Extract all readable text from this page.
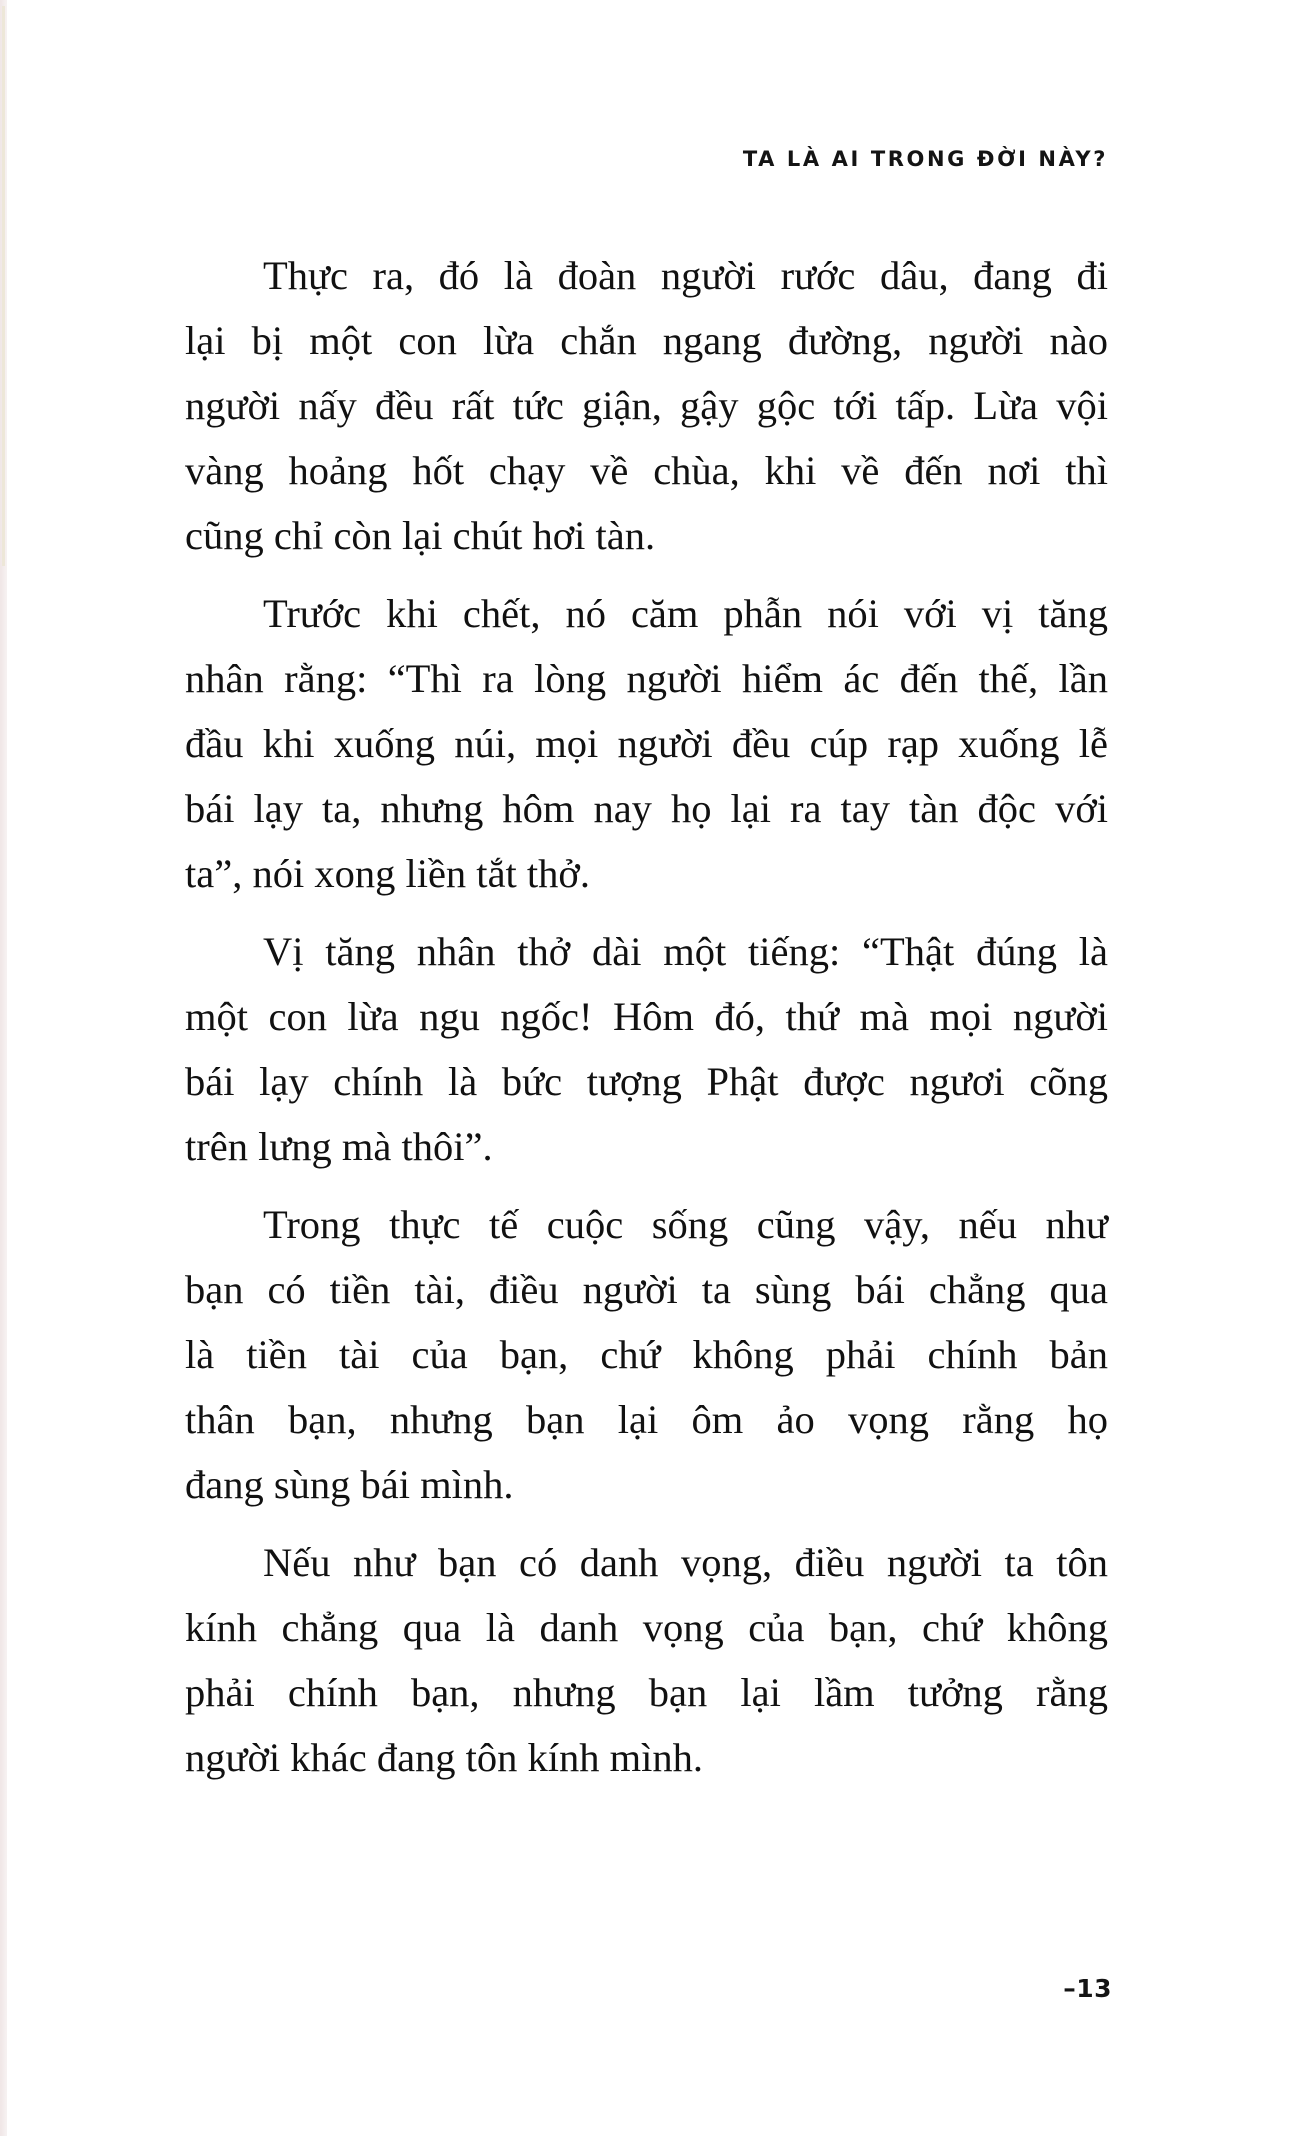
TA LÀ AI TRONG ĐỜI NÀY?

Thực ra, đó là đoàn người rước dâu, đang đi
lại bị một con lừa chắn ngang đường, người nào
người nấy đều rất tức giận, gậy gộc tới tấp. Lừa vội
vàng hoảng hốt chạy về chùa, khi về đến nơi thì
cũng chỉ còn lại chút hơi tàn.

Trước khi chết, nó căm phẫn nói với vị tăng
nhân rằng: “Thì ra lòng người hiểm ác đến thế, lần
đầu khi xuống núi, mọi người đều cúp rạp xuống lễ
bái lạy ta, nhưng hôm nay họ lại ra tay tàn độc với
ta”, nói xong liền tắt thở.

Vị tăng nhân thở dài một tiếng: “Thật đúng là
một con lừa ngu ngốc! Hôm đó, thứ mà mọi người
bái lạy chính là bức tượng Phật được ngươi cõng
trên lưng mà thôi”.

Trong thực tế cuộc sống cũng vậy, nếu như
bạn có tiền tài, điều người ta sùng bái chẳng qua
là tiền tài của bạn, chứ không phải chính bản
thân bạn, nhưng bạn lại ôm ảo vọng rằng họ
đang sùng bái mình.

Nếu như bạn có danh vọng, điều người ta tôn
kính chẳng qua là danh vọng của bạn, chứ không
phải chính bạn, nhưng bạn lại lầm tưởng rằng
người khác đang tôn kính mình.

–13
